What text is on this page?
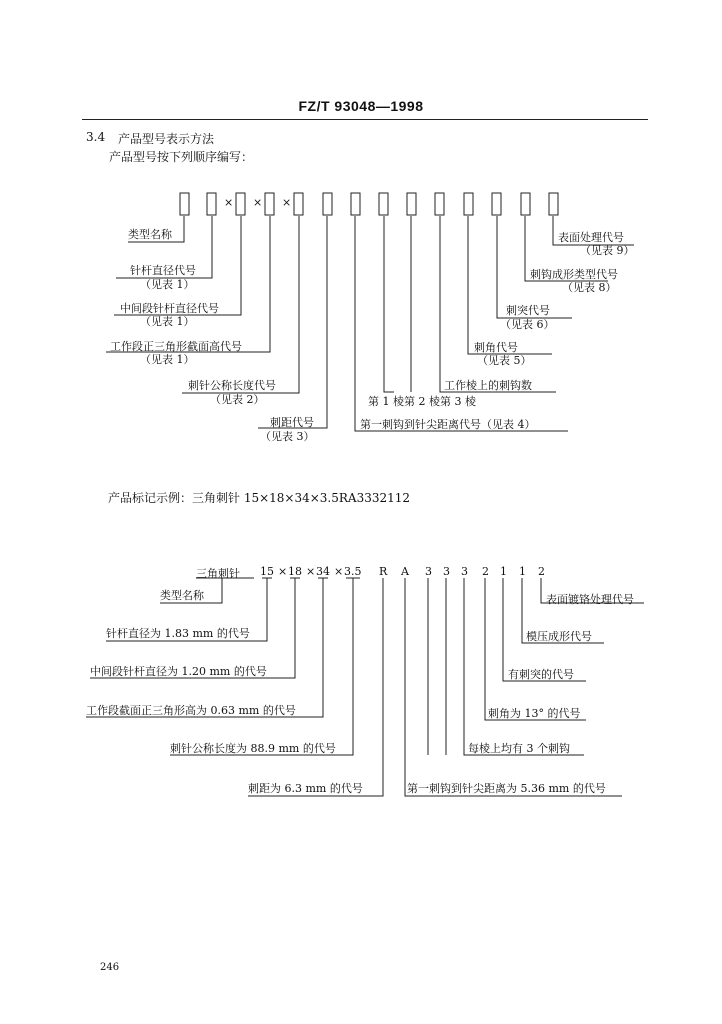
FZ/T 93048—1998
3.4 产品型号表示方法
产品型号按下列顺序编写：
× × ×
类型名称
针杆直径代号
（见表 1）
中间段针杆直径代号
（见表 1）
工作段正三角形截面高代号
（见表 1）
刺针公称长度代号
（见表 2）
刺距代号
（见表 3）
第一刺钩到针尖距离代号（见表 4）
第 1 棱第 2 棱第 3 棱
工作棱上的刺钩数
刺角代号
（见表 5）
刺突代号
（见表 6）
刺钩成形类型代号
（见表 8）
表面处理代号
（见表 9）
产品标记示例：三角刺针 15×18×34×3.5RA3332112
三角刺针 15 × 18 × 34 × 3.5 R A 3 3 3 2 1 1 2
类型名称
针杆直径为 1.83 mm 的代号
中间段针杆直径为 1.20 mm 的代号
工作段截面正三角形高为 0.63 mm 的代号
刺针公称长度为 88.9 mm 的代号
刺距为 6.3 mm 的代号	第一刺钩到针尖距离为 5.36 mm 的代号
每棱上均有 3 个刺钩
刺角为 13° 的代号
有刺突的代号
模压成形代号
表面镀铬处理代号
246
